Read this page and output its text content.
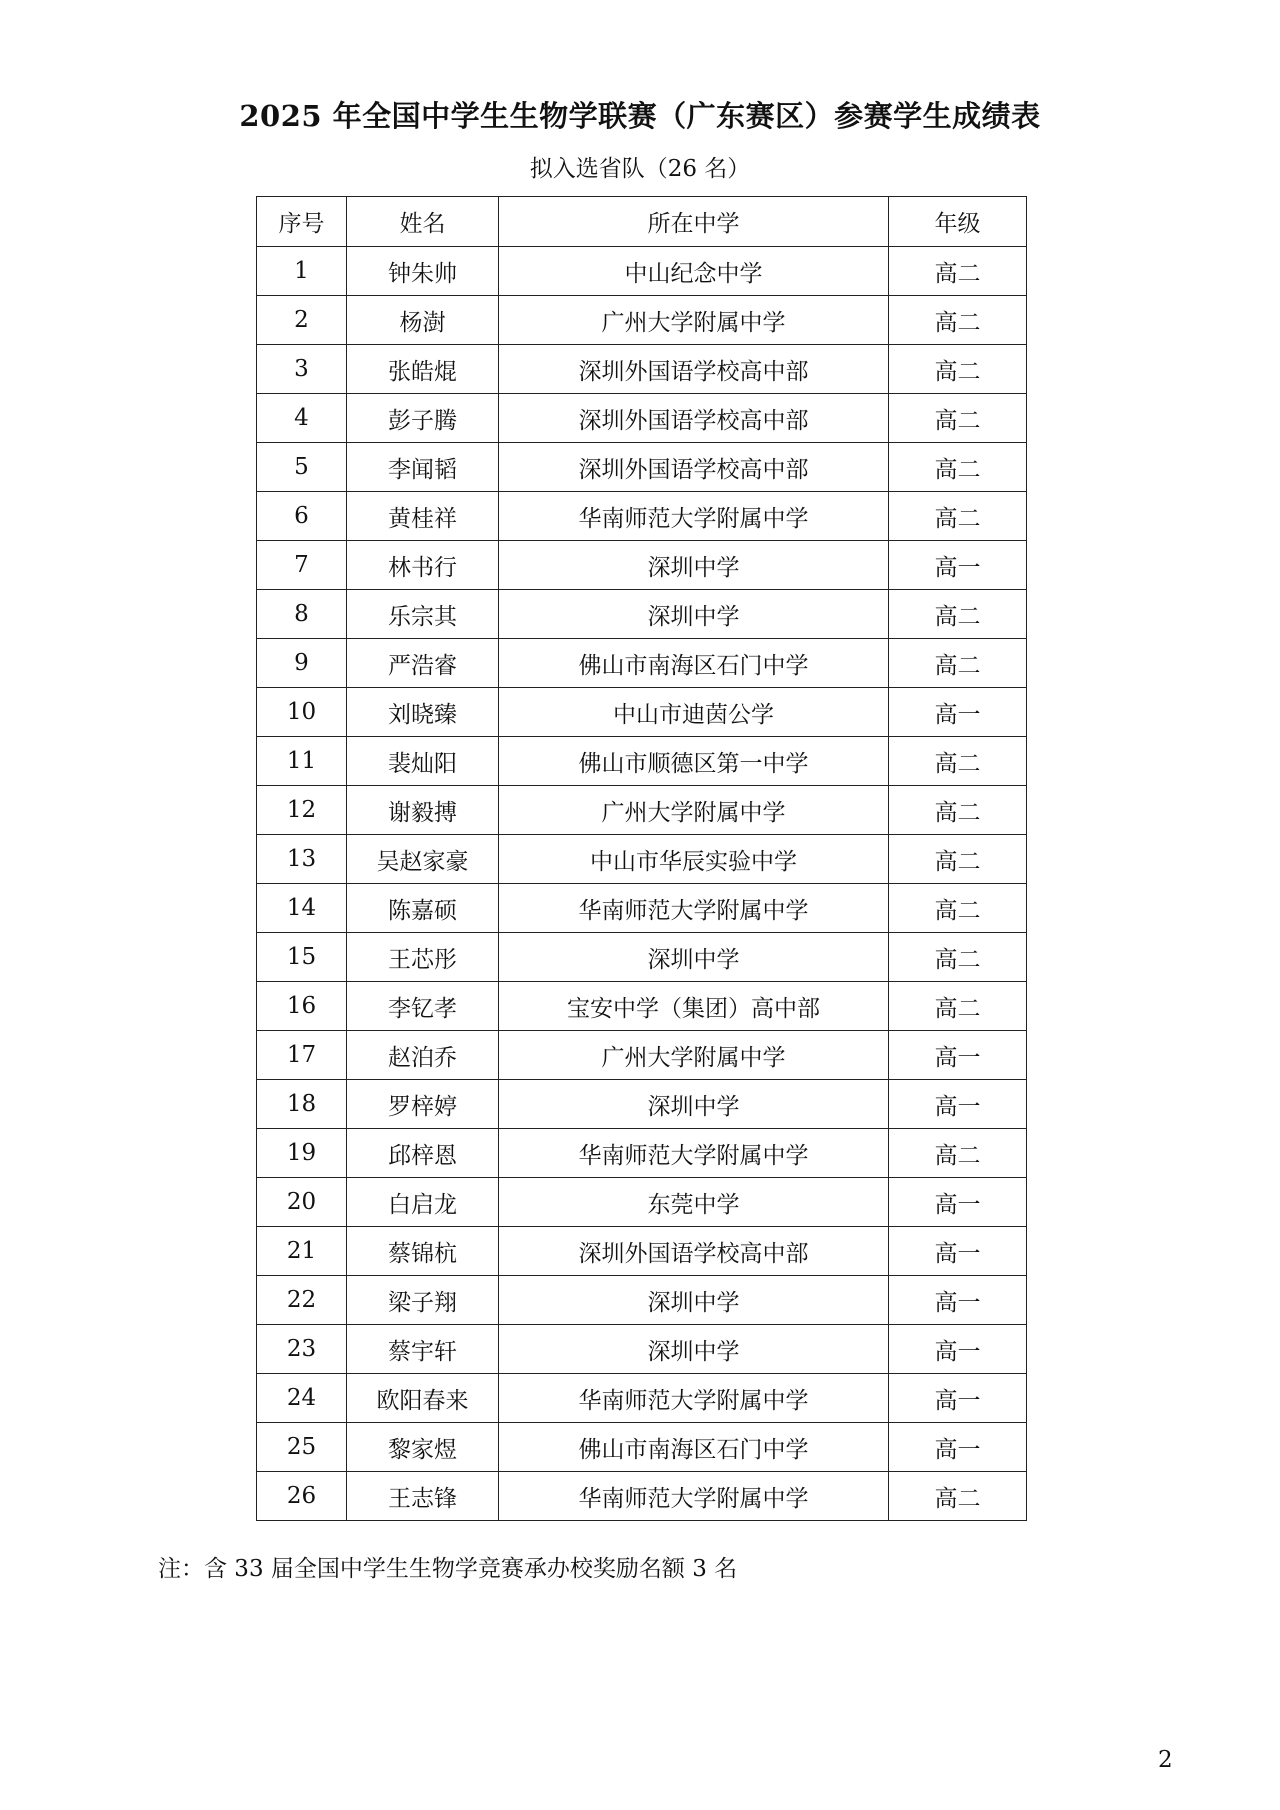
2025 年全国中学生生物学联赛（广东赛区）参赛学生成绩表
拟入选省队（26 名）
序号	姓名	所在中学	年级
1	钟朱帅	中山纪念中学	高二
2	杨澍	广州大学附属中学	高二
3	张皓焜	深圳外国语学校高中部	高二
4	彭子腾	深圳外国语学校高中部	高二
5	李闻韬	深圳外国语学校高中部	高二
6	黄桂祥	华南师范大学附属中学	高二
7	林书行	深圳中学	高一
8	乐宗其	深圳中学	高二
9	严浩睿	佛山市南海区石门中学	高二
10	刘晓臻	中山市迪茵公学	高一
11	裴灿阳	佛山市顺德区第一中学	高二
12	谢毅搏	广州大学附属中学	高二
13	吴赵家豪	中山市华辰实验中学	高二
14	陈嘉硕	华南师范大学附属中学	高二
15	王芯彤	深圳中学	高二
16	李钇孝	宝安中学（集团）高中部	高二
17	赵泊乔	广州大学附属中学	高一
18	罗梓婷	深圳中学	高一
19	邱梓恩	华南师范大学附属中学	高二
20	白启龙	东莞中学	高一
21	蔡锦杭	深圳外国语学校高中部	高一
22	梁子翔	深圳中学	高一
23	蔡宇轩	深圳中学	高一
24	欧阳春来	华南师范大学附属中学	高一
25	黎家煜	佛山市南海区石门中学	高一
26	王志锋	华南师范大学附属中学	高二
注：含 33 届全国中学生生物学竞赛承办校奖励名额 3 名
2
